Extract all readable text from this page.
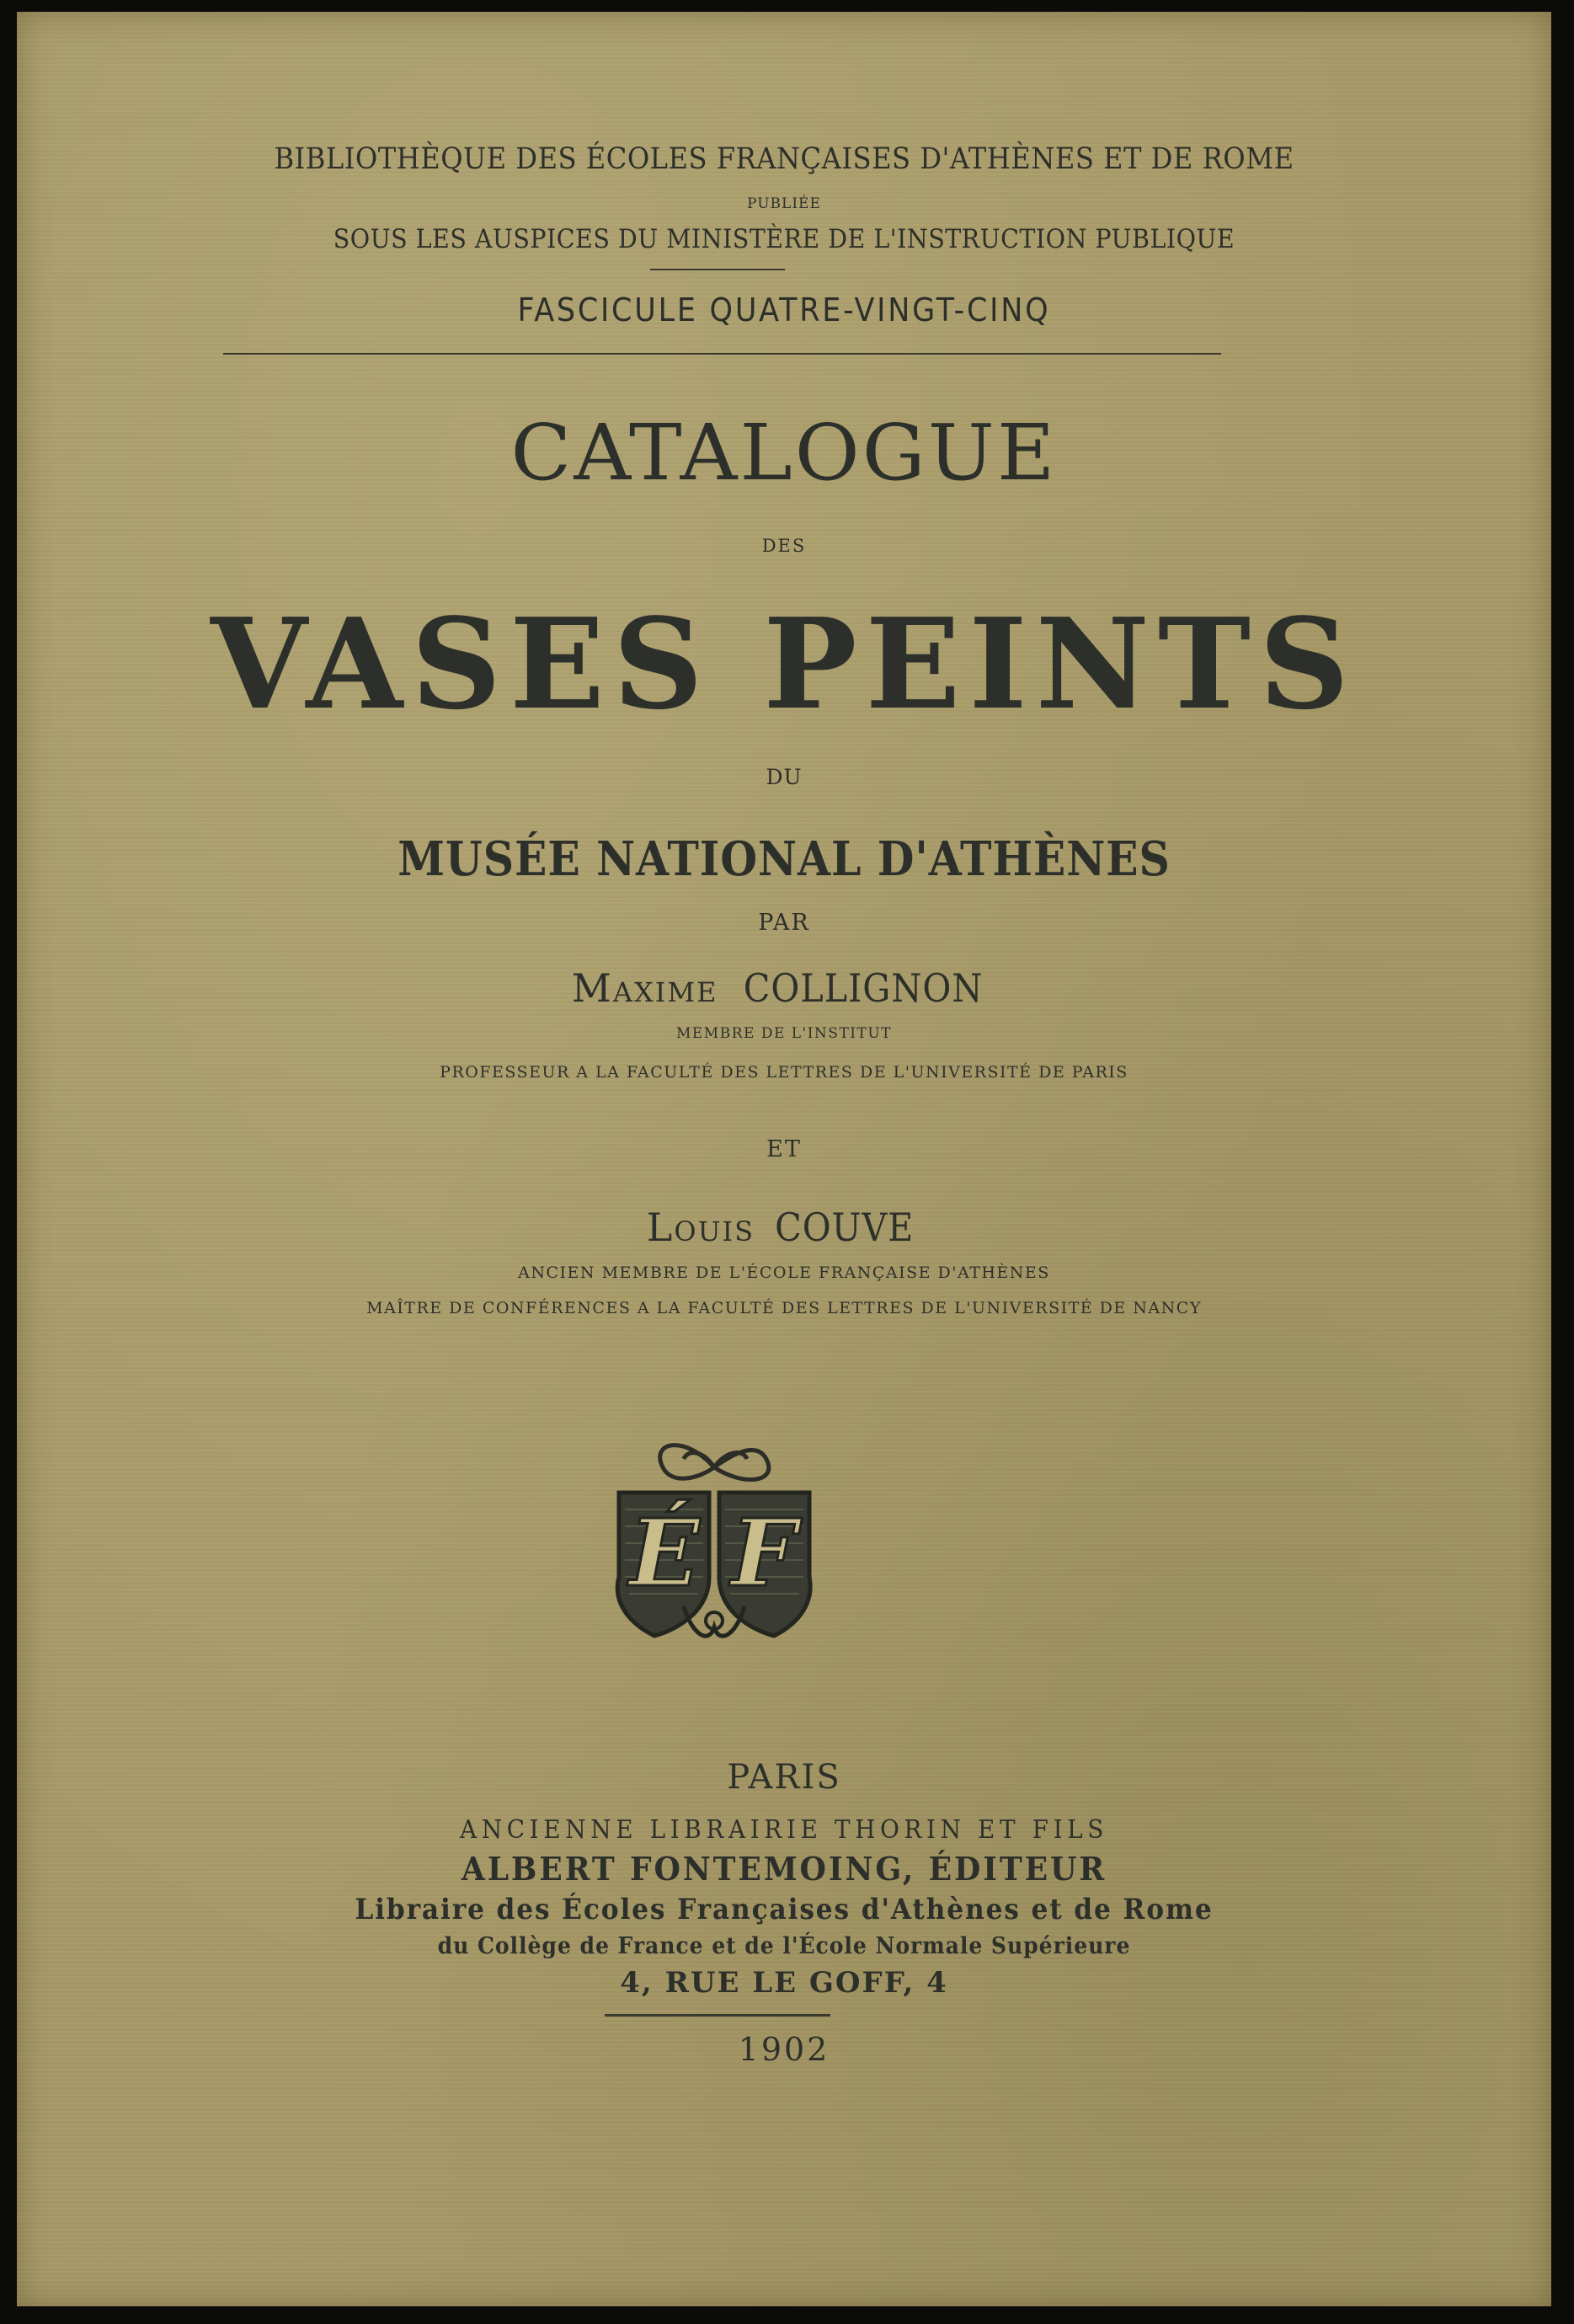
BIBLIOTHÈQUE DES ÉCOLES FRANÇAISES D'ATHÈNES ET DE ROME
PUBLIÉE
SOUS LES AUSPICES DU MINISTÈRE DE L'INSTRUCTION PUBLIQUE
FASCICULE QUATRE-VINGT-CINQ
CATALOGUE
DES
VASES PEINTS
DU
MUSÉE NATIONAL D'ATHÈNES
PAR
Maxime COLLIGNON
MEMBRE DE L'INSTITUT
PROFESSEUR A LA FACULTÉ DES LETTRES DE L'UNIVERSITÉ DE PARIS
ET
Louis COUVE
ANCIEN MEMBRE DE L'ÉCOLE FRANÇAISE D'ATHÈNES
MAÎTRE DE CONFÉRENCES A LA FACULTÉ DES LETTRES DE L'UNIVERSITÉ DE NANCY
É F
PARIS
ANCIENNE LIBRAIRIE THORIN ET FILS
ALBERT FONTEMOING, ÉDITEUR
Libraire des Écoles Françaises d'Athènes et de Rome
du Collège de France et de l'École Normale Supérieure
4, RUE LE GOFF, 4
1902
